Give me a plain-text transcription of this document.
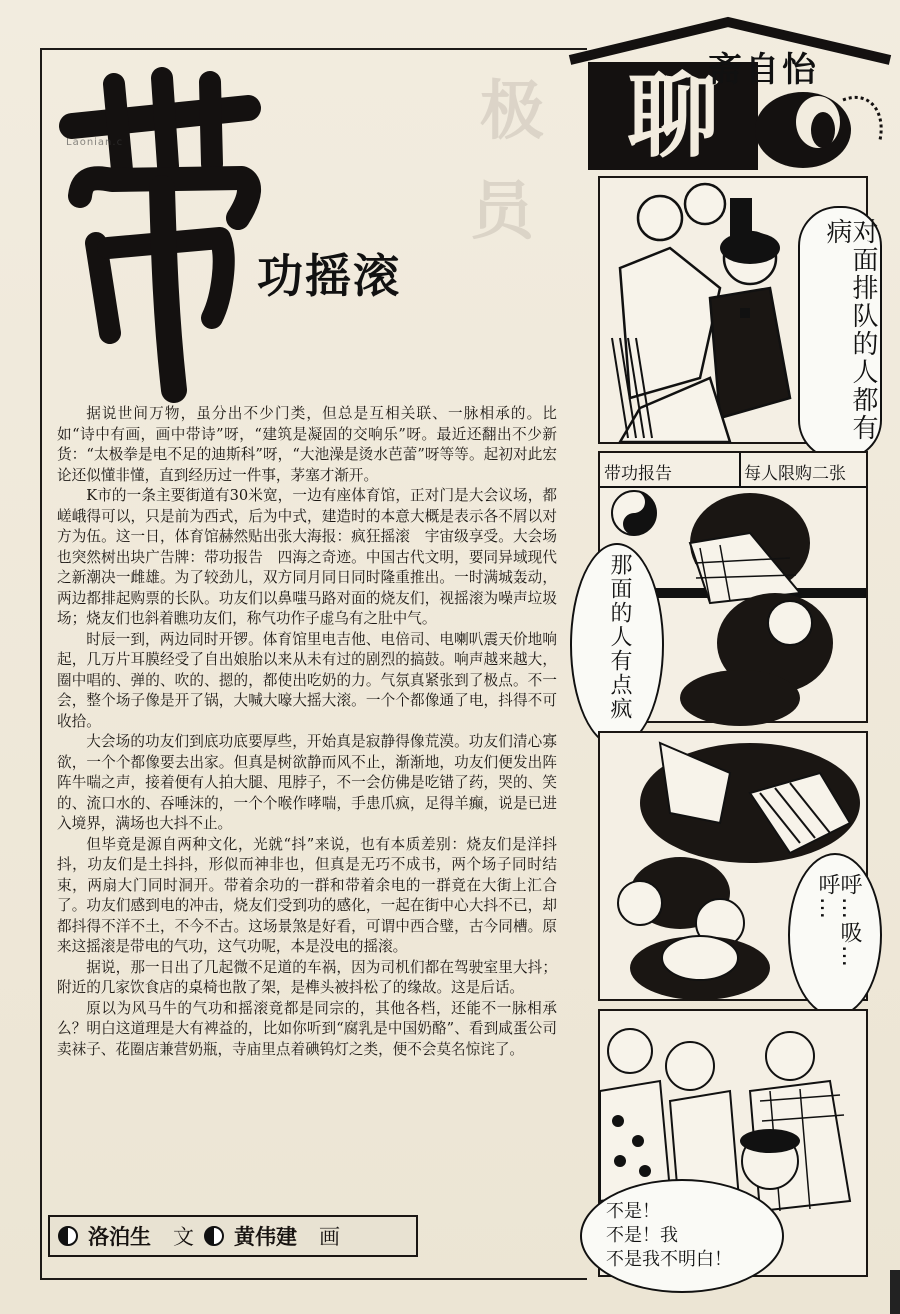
极
员
Laonian.c
功摇滚

据说世间万物，虽分出不少门类，但总是互相关联、一脉相承的。比如“诗中有画，画中带诗”呀，“建筑是凝固的交响乐”呀。最近还翻出不少新货：“太极拳是电不足的迪斯科”呀，“大池澡是烫水芭蕾”呀等等。起初对此宏论还似懂非懂，直到经历过一件事，茅塞才渐开。

K市的一条主要街道有30米宽，一边有座体育馆，正对门是大会议场，都嵯峨得可以，只是前为西式，后为中式，建造时的本意大概是表示各不屑以对方为伍。这一日，体育馆赫然贴出张大海报：疯狂摇滚　宇宙级享受。大会场也突然树出块广告牌：带功报告　四海之奇迹。中国古代文明，要同异域现代之新潮决一雌雄。为了较劲儿，双方同月同日同时隆重推出。一时满城轰动，两边都排起购票的长队。功友们以鼻嗤马路对面的烧友们，视摇滚为噪声垃圾场；烧友们也斜着瞧功友们，称气功作子虚乌有之肚中气。

时辰一到，两边同时开锣。体育馆里电吉他、电倍司、电喇叭震天价地响起，几万片耳膜经受了自出娘胎以来从未有过的剧烈的搞鼓。响声越来越大，圈中唱的、弹的、吹的、摁的，都使出吃奶的力。气氛真紧张到了极点。不一会，整个场子像是开了锅，大喊大嚎大摇大滚。一个个都像通了电，抖得不可收拾。

大会场的功友们到底功底要厚些，开始真是寂静得像荒漠。功友们清心寡欲，一个个都像要去出家。但真是树欲静而风不止，渐渐地，功友们便发出阵阵牛喘之声，接着便有人拍大腿、甩脖子，不一会仿佛是吃错了药，哭的、笑的、流口水的、吞唾沫的，一个个喉作哮喘，手患爪疯，足得羊癫，说是已进入境界，满场也大抖不止。

但毕竟是源自两种文化，光就“抖”来说，也有本质差别：烧友们是洋抖抖，功友们是土抖抖，形似而神非也，但真是无巧不成书，两个场子同时结束，两扇大门同时洞开。带着余功的一群和带着余电的一群竟在大街上汇合了。功友们感到电的冲击，烧友们受到功的感化，一起在街中心大抖不已，却都抖得不洋不土，不今不古。这场景煞是好看，可谓中西合璧，古今同槽。原来这摇滚是带电的气功，这气功呢，本是没电的摇滚。

据说，那一日出了几起微不足道的车祸，因为司机们都在驾驶室里大抖；附近的几家饮食店的桌椅也散了架，是榫头被抖松了的缘故。这是后话。

原以为风马牛的气功和摇滚竟都是同宗的，其他各档，还能不一脉相承么？明白这道理是大有裨益的，比如你听到“腐乳是中国奶酪”、看到咸蛋公司卖袜子、花圈店兼营奶瓶，寺庙里点着碘钨灯之类，便不会莫名惊诧了。

洛泊生 文 黄伟建 画
聊
斋自怡
对面排队的人都有病
带功报告	每人限购二张
那面的人有点疯
呼…吸…呼…
不是！
不是！我
不是我不明白！
